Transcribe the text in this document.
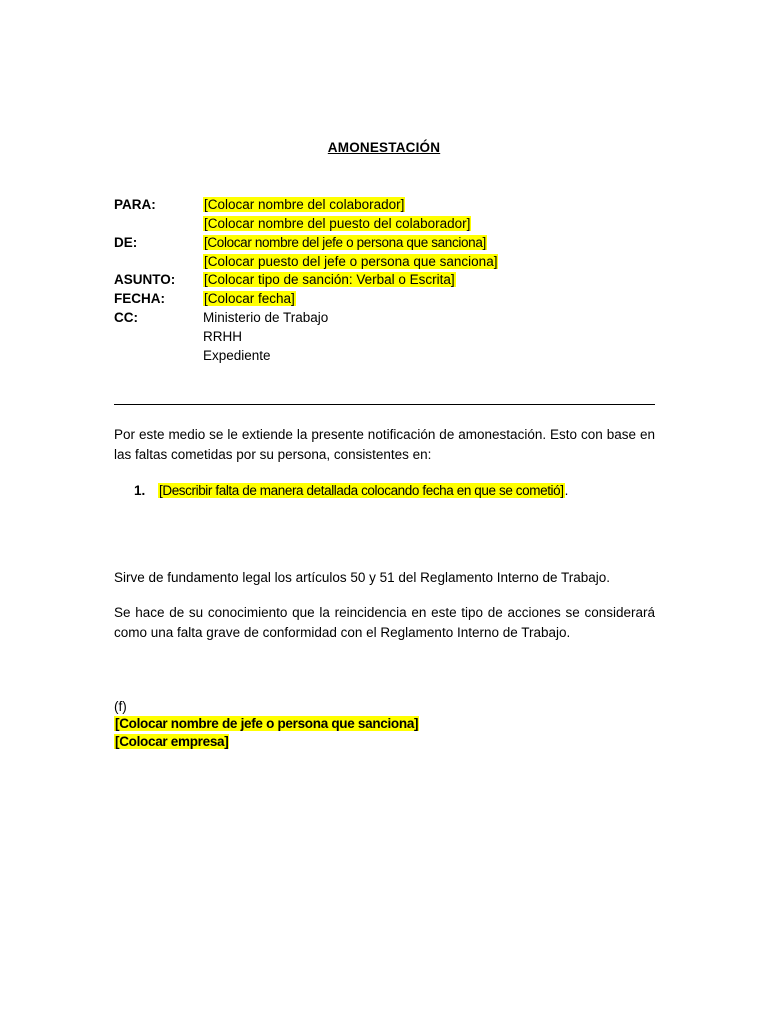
AMONESTACIÓN
PARA:	[Colocar nombre del colaborador]
[Colocar nombre del puesto del colaborador]
DE:	[Colocar nombre del jefe o persona que sanciona]
[Colocar puesto del jefe o persona que sanciona]
ASUNTO: [Colocar tipo de sanción: Verbal o Escrita]
FECHA:	[Colocar fecha]
CC:	Ministerio de Trabajo
RRHH
Expediente
Por este medio se le extiende la presente notificación de amonestación. Esto con base en las faltas cometidas por su persona, consistentes en:
1. [Describir falta de manera detallada colocando fecha en que se cometió].
Sirve de fundamento legal los artículos 50 y 51 del Reglamento Interno de Trabajo.
Se hace de su conocimiento que la reincidencia en este tipo de acciones se considerará como una falta grave de conformidad con el Reglamento Interno de Trabajo.
(f)
[Colocar nombre de jefe o persona que sanciona]
[Colocar empresa]
